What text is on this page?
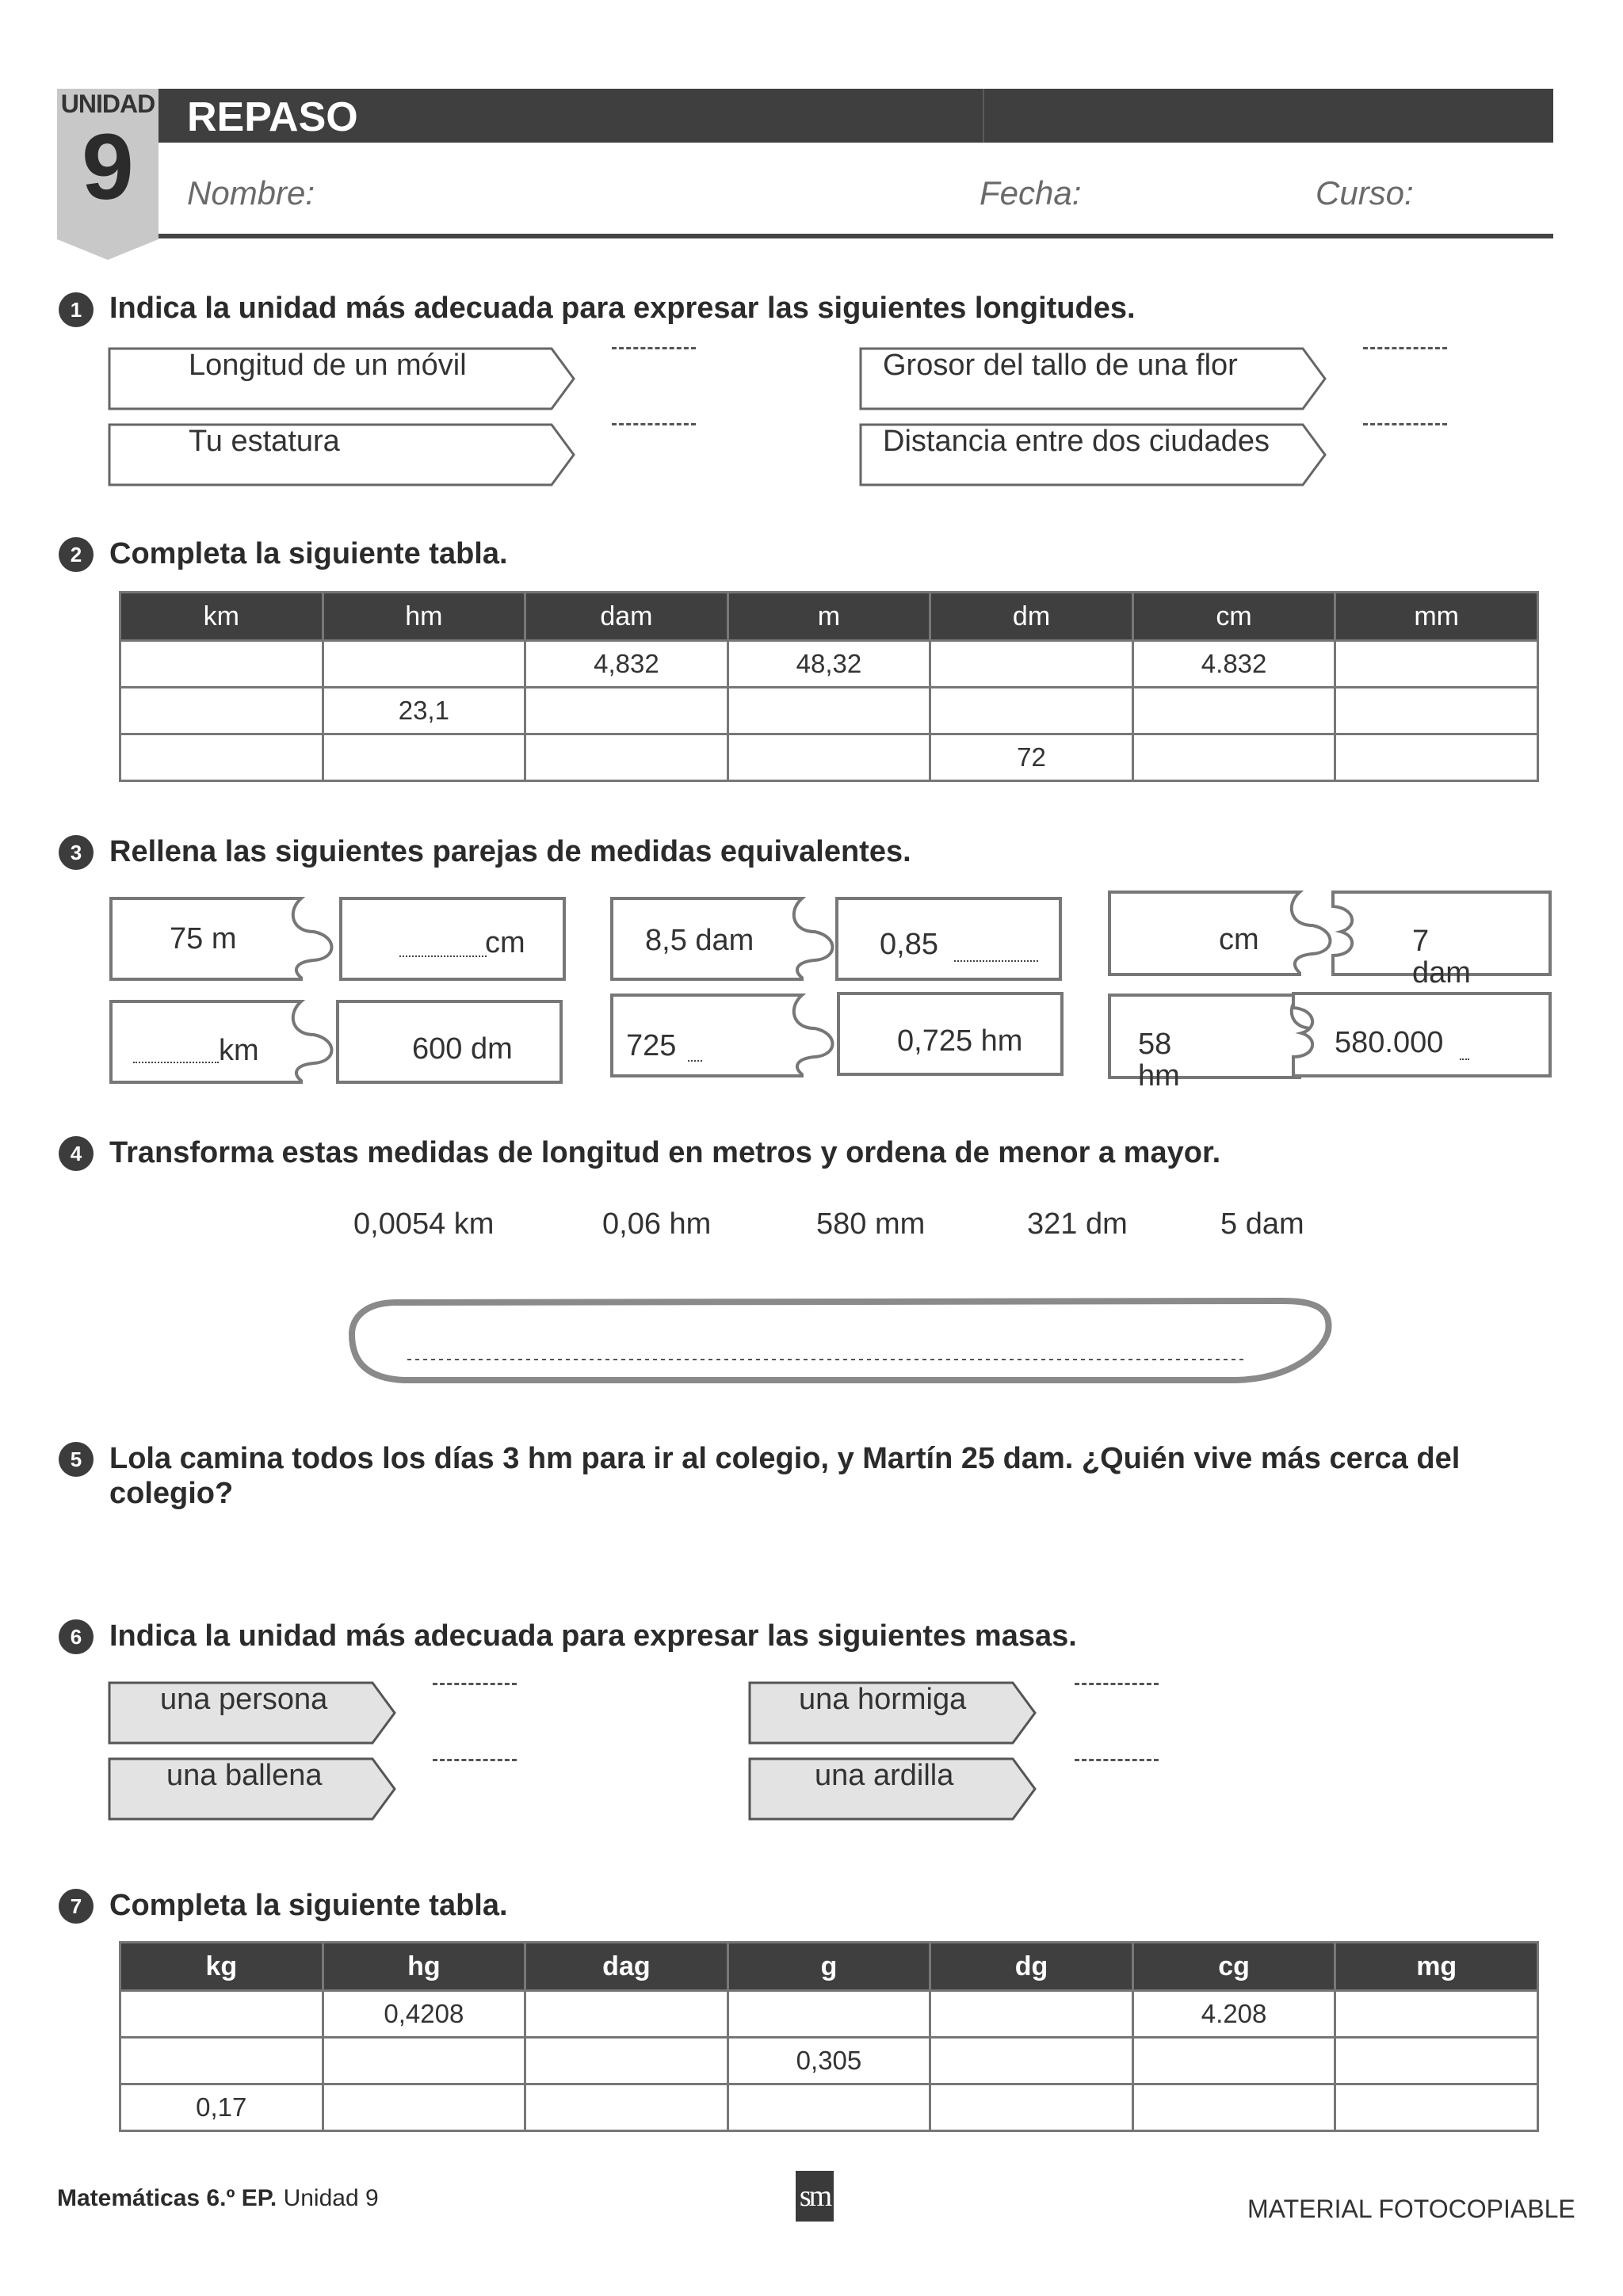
UNIDAD
9	REPASO
Nombre:	Fecha:	Curso:
1 Indica la unidad más adecuada para expresar las siguientes longitudes.
Longitud de un móvil	Grosor del tallo de una flor
Tu estatura	Distancia entre dos ciudades
2 Completa la siguiente tabla.
km	hm	dam	m	dm	cm	mm
		4,832	48,32		4.832	
	23,1					
				72		
3 Rellena las siguientes parejas de medidas equivalentes.
75 m	cm	8,5 dam	0,85	cm	7 dam
km	600 dm	725	0,725 hm	58 hm
580.000
4 Transforma estas medidas de longitud en metros y ordena de menor a mayor.
0,0054 km	0,06 hm	580 mm	321 dm	5 dam
5 Lola camina todos los días 3 hm para ir al colegio, y Martín 25 dam. ¿Quién vive más cerca del
colegio?
6 Indica la unidad más adecuada para expresar las siguientes masas.
una persona	una hormiga
una ballena	una ardilla
7 Completa la siguiente tabla.
kg	hg	dag	g	dg	cg	mg
	0,4208				4.208	
			0,305			
0,17						
Matemáticas 6.º EP. Unidad 9	sm	MATERIAL FOTOCOPIABLE
